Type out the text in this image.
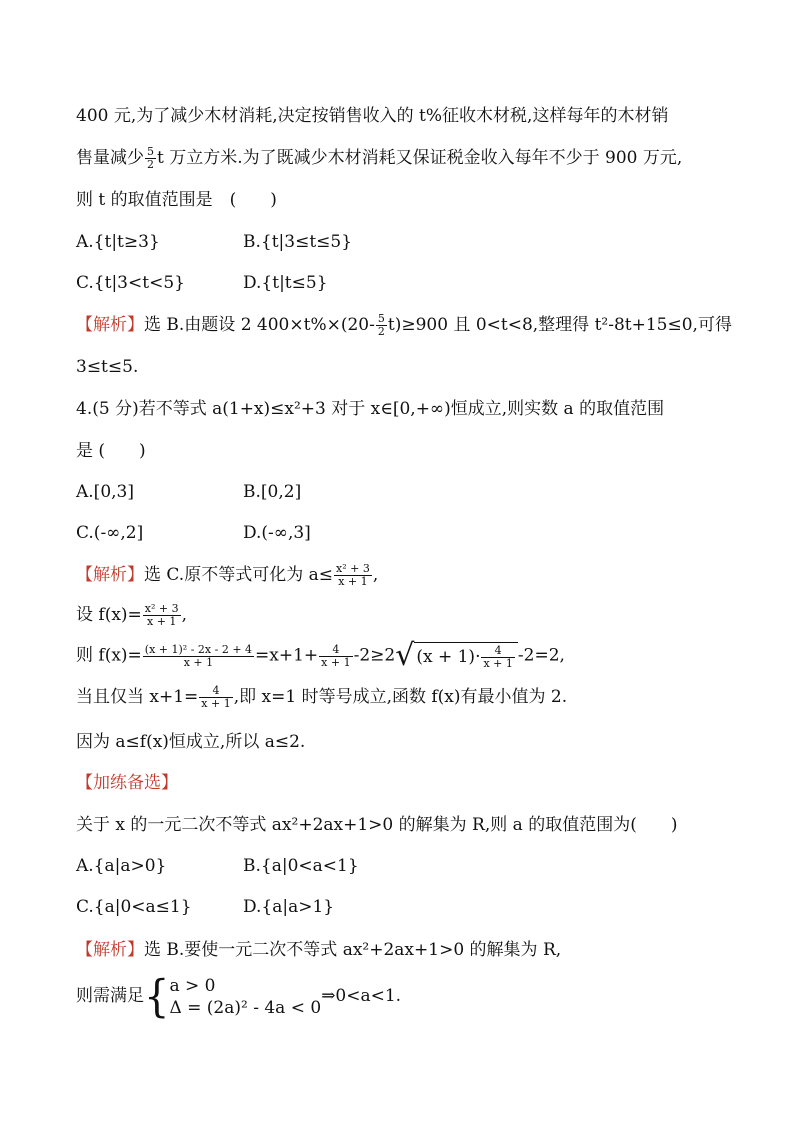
400 元,为了减少木材消耗,决定按销售收入的 t%征收木材税,这样每年的木材销
售量减少 $\frac{5}{2}$ t 万立方米.为了既减少木材消耗又保证税金收入每年不少于 900 万元,
则 t 的取值范围是　(　　)
A.{t|t≥3}	B.{t|3≤t≤5}
C.{t|3<t<5}	D.{t|t≤5}
【解析】选 B.由题设 2 $400\times t\%\times(20- \frac{5}{2} t)\ge 900$ 且 0<t<8,整理得 t²-8t+15≤0,可得
3≤t≤5.
4.(5 分)若不等式 a(1+x)≤x²+3 对于 x∈[0,+∞)恒成立,则实数 a 的取值范围
是 (　　)
A.[0,3]	B.[0,2]
C.(-∞,2]	D.(-∞,3]
【解析】选 C.原不等式可化为 $a\le \frac{\text{x² + 3}}{x + 1}$ ,
设 $f(x)= \frac{\text{x² + 3}}{x + 1}$ ,
则 $f(x)= \frac{\text{(x + 1)² - 2x - 2 + 4}}{x + 1} =x+1+ \frac{4}{x + 1} -2\ge 2√$ $(x + 1)\cdot \frac{4}{x + 1} -2=2$,
当且仅当 $x+1= \frac{4}{x + 1}$ ,即 x=1 时等号成立,函数 f(x)有最小值为 2.
因为 a≤f(x)恒成立,所以 a≤2.
【加练备选】
关于 x 的一元二次不等式 ax²+2ax+1>0 的解集为 R,则 a 的取值范围为(　　)
A.{a|a>0}	B.{a|0<a<1}
C.{a|0<a≤1}	D.{a|a>1}
【解析】选 B.要使一元二次不等式 ax²+2ax+1>0 的解集为 R,
则需满足{ a > 0
Δ = (2a)² - 4a < 0
⇒0<a<1.
